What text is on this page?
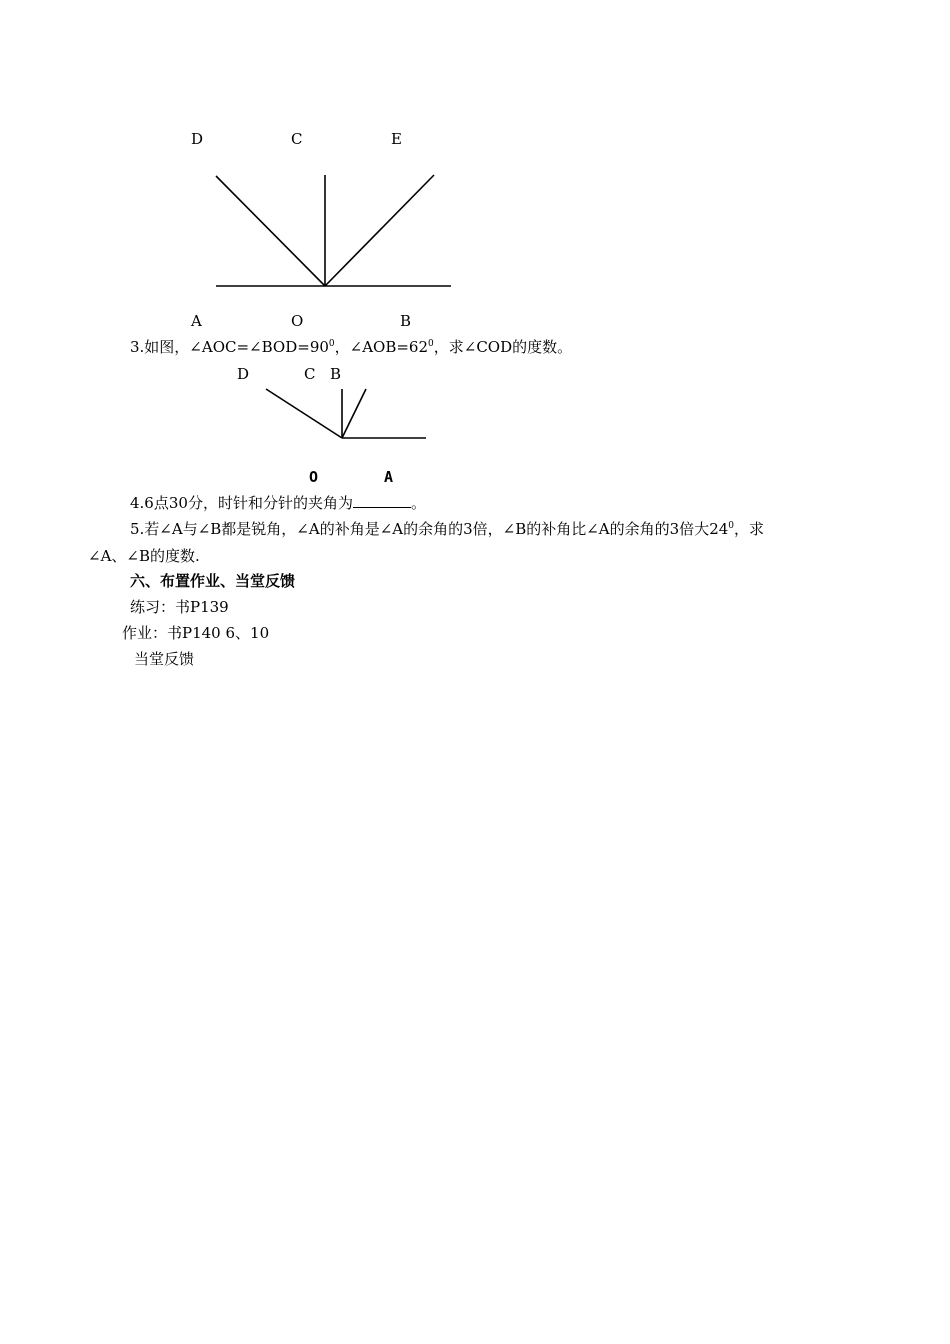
D	C	E
A	O	B
3.如图，$\angle AOC=\angle BOD=90^0$，$\angle AOB=62^0$，求∠COD的度数。
D	C B
O	A
4.6点30分，时针和分针的夹角为	。
5.若∠A与∠B都是锐角，∠A的补角是∠A的余角的3倍，∠B的补角比∠A的余角的3倍大$24^0$，求
∠A、∠B的度数.
六、布置作业、当堂反馈
练习：书P139
作业：书P140 6、10
当堂反馈
